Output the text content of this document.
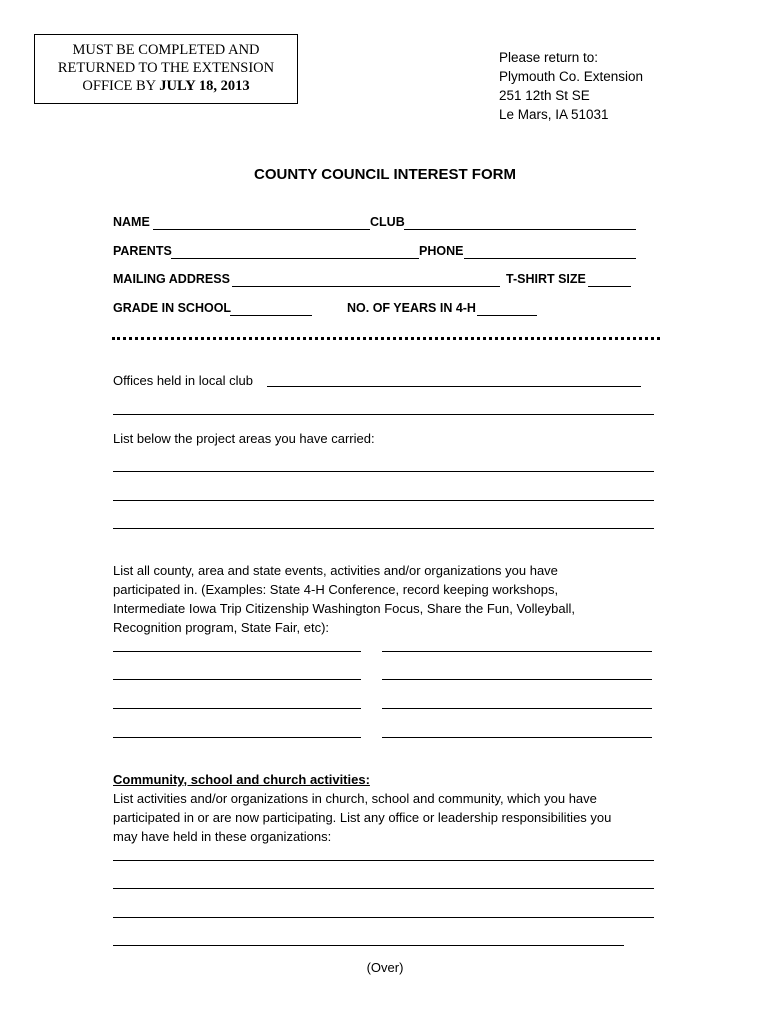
MUST BE COMPLETED AND
RETURNED TO THE EXTENSION
OFFICE BY JULY 18, 2013
Please return to:
Plymouth Co. Extension
251 12th St SE
Le Mars, IA 51031
COUNTY COUNCIL INTEREST FORM
NAME	CLUB
PARENTS	PHONE
MAILING ADDRESS	T-SHIRT SIZE
GRADE IN SCHOOL	NO. OF YEARS IN 4-H
Offices held in local club
List below the project areas you have carried:
List all county, area and state events, activities and/or organizations you have
participated in. (Examples: State 4-H Conference, record keeping workshops,
Intermediate Iowa Trip Citizenship Washington Focus, Share the Fun, Volleyball,
Recognition program, State Fair, etc):
Community, school and church activities:
List activities and/or organizations in church, school and community, which you have
participated in or are now participating. List any office or leadership responsibilities you
may have held in these organizations:
(Over)
